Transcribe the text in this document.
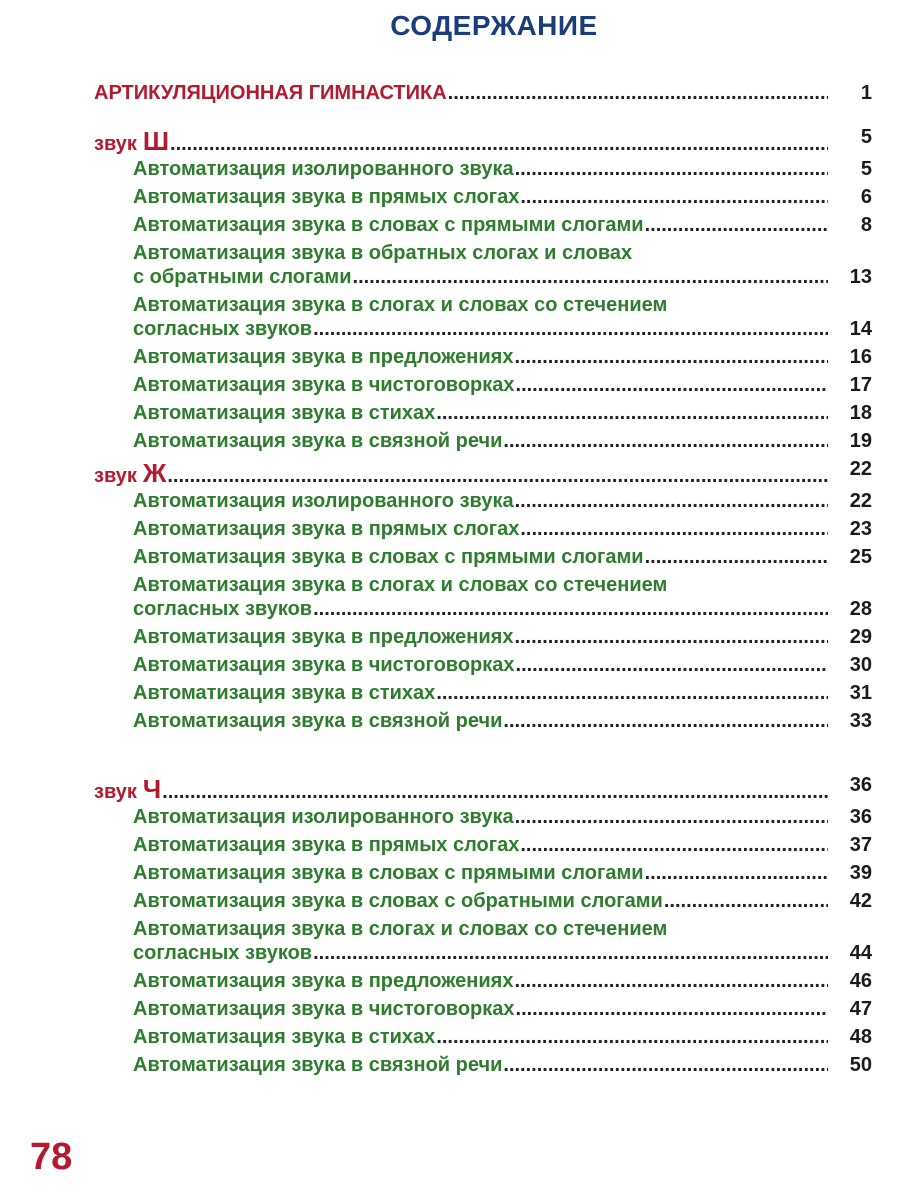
СОДЕРЖАНИЕ
АРТИКУЛЯЦИОННАЯ ГИМНАСТИКА .....	1
звук Ш .....	5
Автоматизация изолированного звука .....	5
Автоматизация звука в прямых слогах .....	6
Автоматизация звука в словах с прямыми слогами .....	8
Автоматизация звука в обратных слогах и словах
с обратными слогами .....	13
Автоматизация звука в слогах и словах со стечением
согласных звуков .....	14
Автоматизация звука в предложениях .....	16
Автоматизация звука в чистоговорках .....	17
Автоматизация звука в стихах .....	18
Автоматизация звука в связной речи .....	19
звук Ж .....	22
Автоматизация изолированного звука .....	22
Автоматизация звука в прямых слогах .....	23
Автоматизация звука в словах с прямыми слогами .....	25
Автоматизация звука в слогах и словах со стечением
согласных звуков .....	28
Автоматизация звука в предложениях .....	29
Автоматизация звука в чистоговорках .....	30
Автоматизация звука в стихах .....	31
Автоматизация звука в связной речи .....	33
звук Ч .....	36
Автоматизация изолированного звука .....	36
Автоматизация звука в прямых слогах .....	37
Автоматизация звука в словах с прямыми слогами .....	39
Автоматизация звука в словах с обратными слогами .....	42
Автоматизация звука в слогах и словах со стечением
согласных звуков .....	44
Автоматизация звука в предложениях .....	46
Автоматизация звука в чистоговорках .....	47
Автоматизация звука в стихах .....	48
Автоматизация звука в связной речи .....	50
78
